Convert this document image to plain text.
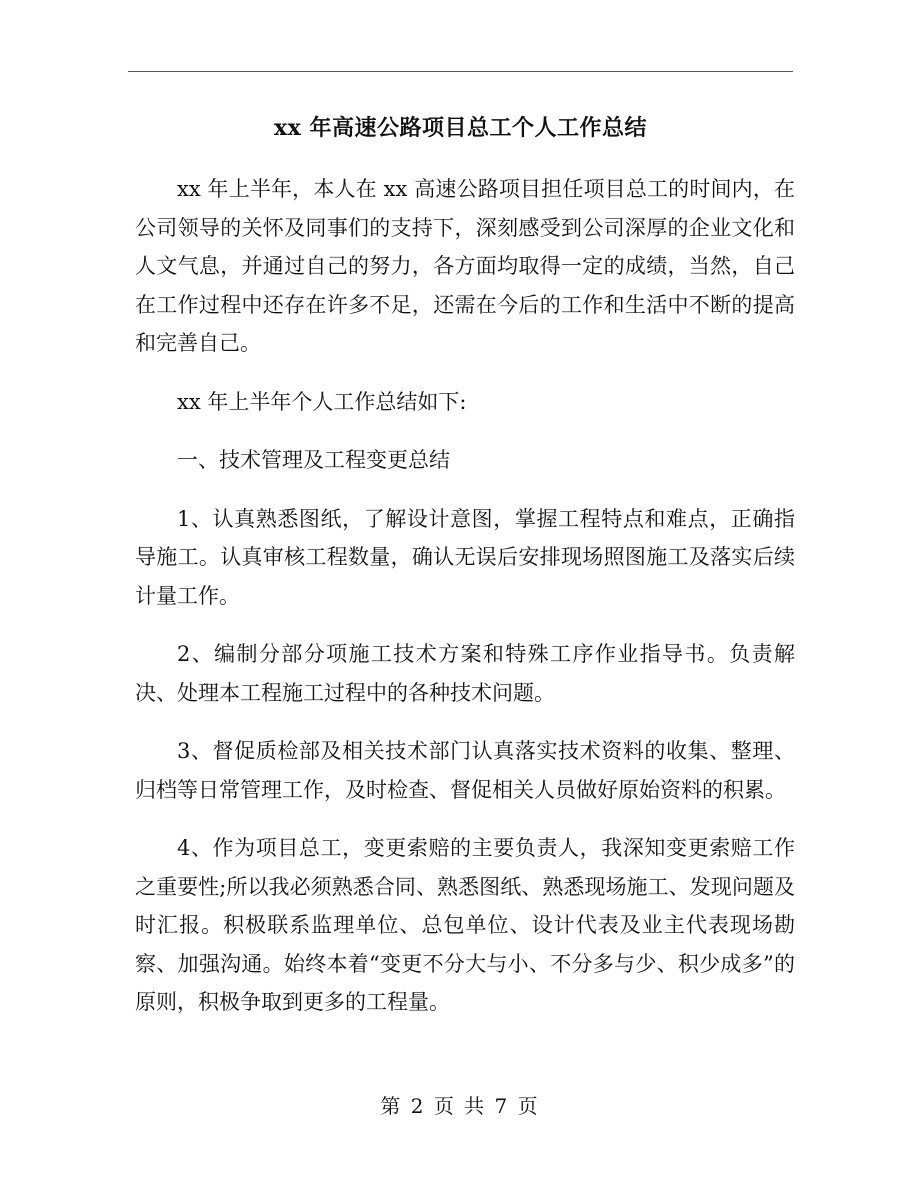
xx 年高速公路项目总工个人工作总结

xx 年上半年，本人在 xx 高速公路项目担任项目总工的时间内，在公司领导的关怀及同事们的支持下，深刻感受到公司深厚的企业文化和人文气息，并通过自己的努力，各方面均取得一定的成绩，当然，自己在工作过程中还存在许多不足，还需在今后的工作和生活中不断的提高和完善自己。

xx 年上半年个人工作总结如下:

一、技术管理及工程变更总结

1、认真熟悉图纸，了解设计意图，掌握工程特点和难点，正确指导施工。认真审核工程数量，确认无误后安排现场照图施工及落实后续计量工作。

2、编制分部分项施工技术方案和特殊工序作业指导书。负责解决、处理本工程施工过程中的各种技术问题。

3、督促质检部及相关技术部门认真落实技术资料的收集、整理、归档等日常管理工作，及时检查、督促相关人员做好原始资料的积累。

4、作为项目总工，变更索赔的主要负责人，我深知变更索赔工作之重要性;所以我必须熟悉合同、熟悉图纸、熟悉现场施工、发现问题及时汇报。积极联系监理单位、总包单位、设计代表及业主代表现场勘察、加强沟通。始终本着“变更不分大与小、不分多与少、积少成多”的原则，积极争取到更多的工程量。

第 2 页 共 7 页
